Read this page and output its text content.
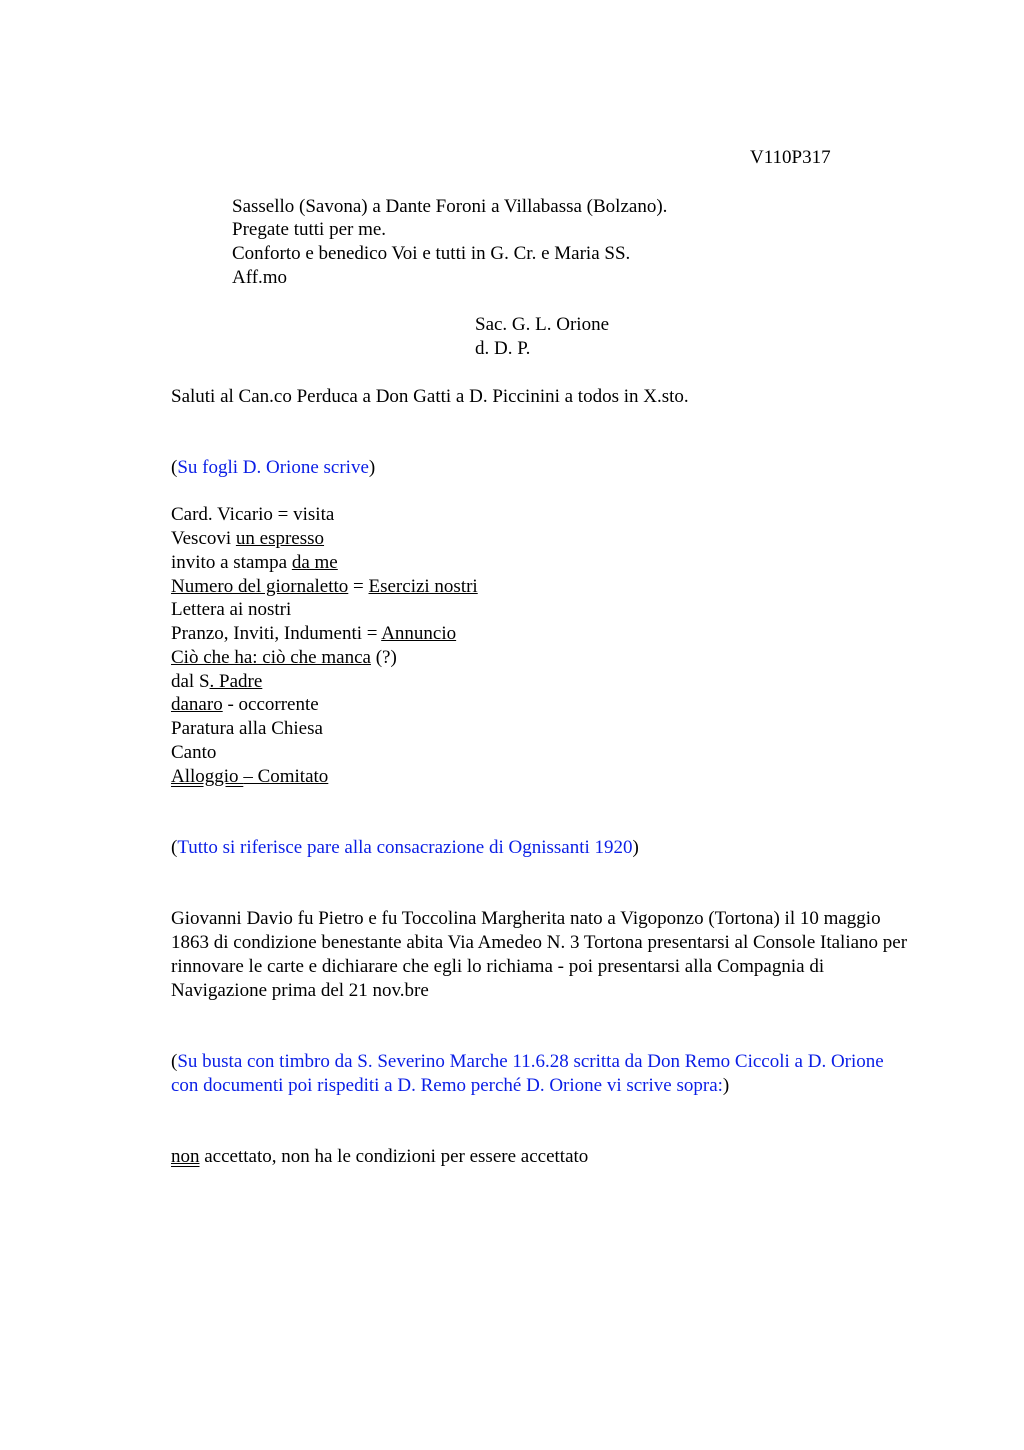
V110P317
Sassello (Savona) a Dante Foroni a Villabassa (Bolzano).
Pregate tutti per me.
Conforto e benedico Voi e tutti in G. Cr. e Maria SS.
Aff.mo
Sac. G. L. Orione
d. D. P.
Saluti al Can.co Perduca a Don Gatti a D. Piccinini a todos in X.sto.
(Su fogli D. Orione scrive)
Card. Vicario = visita
Vescovi un espresso
invito a stampa da me
Numero del giornaletto = Esercizi nostri
Lettera ai nostri
Pranzo, Inviti, Indumenti = Annuncio
Ciò che ha: ciò che manca (?)
dal S. Padre
danaro - occorrente
Paratura alla Chiesa
Canto
Alloggio – Comitato
(Tutto si riferisce pare alla consacrazione di Ognissanti 1920)
Giovanni Davio fu Pietro e fu Toccolina Margherita nato a Vigoponzo (Tortona) il 10 maggio 1863 di condizione benestante abita Via Amedeo N. 3 Tortona presentarsi al Console Italiano per rinnovare le carte e dichiarare che egli lo richiama - poi presentarsi alla Compagnia di Navigazione prima del 21 nov.bre
(Su busta con timbro da S. Severino Marche 11.6.28 scritta da Don Remo Ciccoli a D. Orione con documenti poi rispediti a D. Remo perché D. Orione vi scrive sopra:)
non accettato, non ha le condizioni per essere accettato
